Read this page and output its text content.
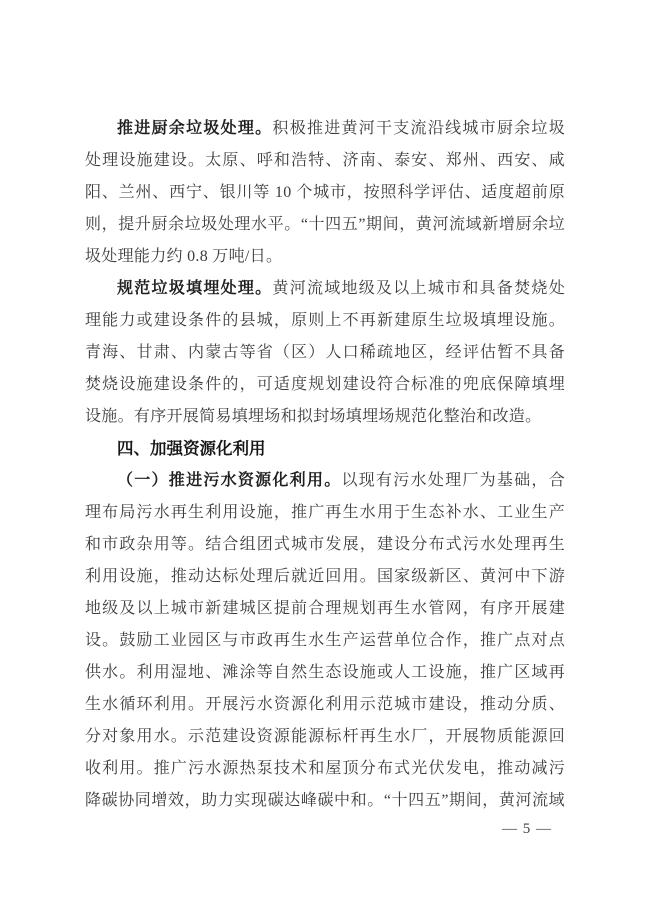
推进厨余垃圾处理。积极推进黄河干支流沿线城市厨余垃圾
处理设施建设。太原、呼和浩特、济南、泰安、郑州、西安、咸
阳、兰州、西宁、银川等 10 个城市，按照科学评估、适度超前原
则，提升厨余垃圾处理水平。“十四五”期间，黄河流域新增厨余垃
圾处理能力约 0.8 万吨/日。
规范垃圾填埋处理。黄河流域地级及以上城市和具备焚烧处
理能力或建设条件的县城，原则上不再新建原生垃圾填埋设施。
青海、甘肃、内蒙古等省（区）人口稀疏地区，经评估暂不具备
焚烧设施建设条件的，可适度规划建设符合标准的兜底保障填埋
设施。有序开展简易填埋场和拟封场填埋场规范化整治和改造。
四、加强资源化利用
（一）推进污水资源化利用。以现有污水处理厂为基础，合
理布局污水再生利用设施，推广再生水用于生态补水、工业生产
和市政杂用等。结合组团式城市发展，建设分布式污水处理再生
利用设施，推动达标处理后就近回用。国家级新区、黄河中下游
地级及以上城市新建城区提前合理规划再生水管网，有序开展建
设。鼓励工业园区与市政再生水生产运营单位合作，推广点对点
供水。利用湿地、滩涂等自然生态设施或人工设施，推广区域再
生水循环利用。开展污水资源化利用示范城市建设，推动分质、
分对象用水。示范建设资源能源标杆再生水厂，开展物质能源回
收利用。推广污水源热泵技术和屋顶分布式光伏发电，推动减污
降碳协同增效，助力实现碳达峰碳中和。“十四五”期间，黄河流域
— 5 —
